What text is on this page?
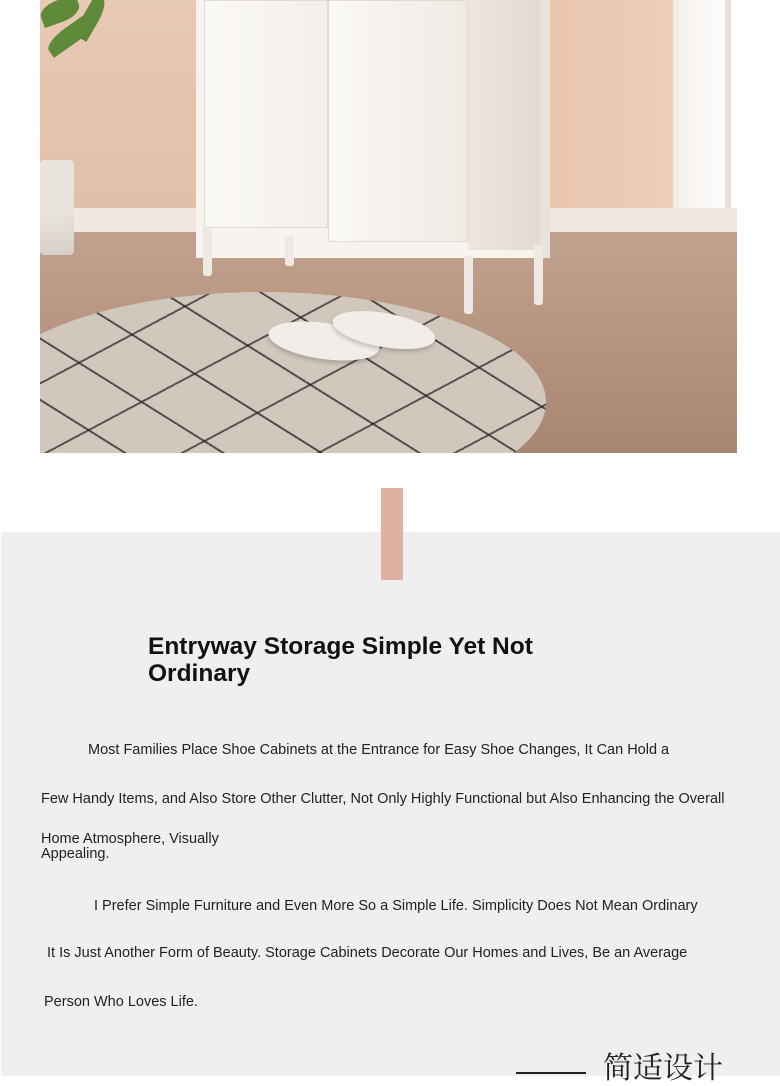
Entryway Storage Simple Yet Not Ordinary

Most Families Place Shoe Cabinets at the Entrance for Easy Shoe Changes, It Can Hold a

Few Handy Items, and Also Store Other Clutter, Not Only Highly Functional but Also Enhancing the Overall

Home Atmosphere, Visually

Appealing.

I Prefer Simple Furniture and Even More So a Simple Life. Simplicity Does Not Mean Ordinary

It Is Just Another Form of Beauty. Storage Cabinets Decorate Our Homes and Lives, Be an Average

Person Who Loves Life.

简适设计
